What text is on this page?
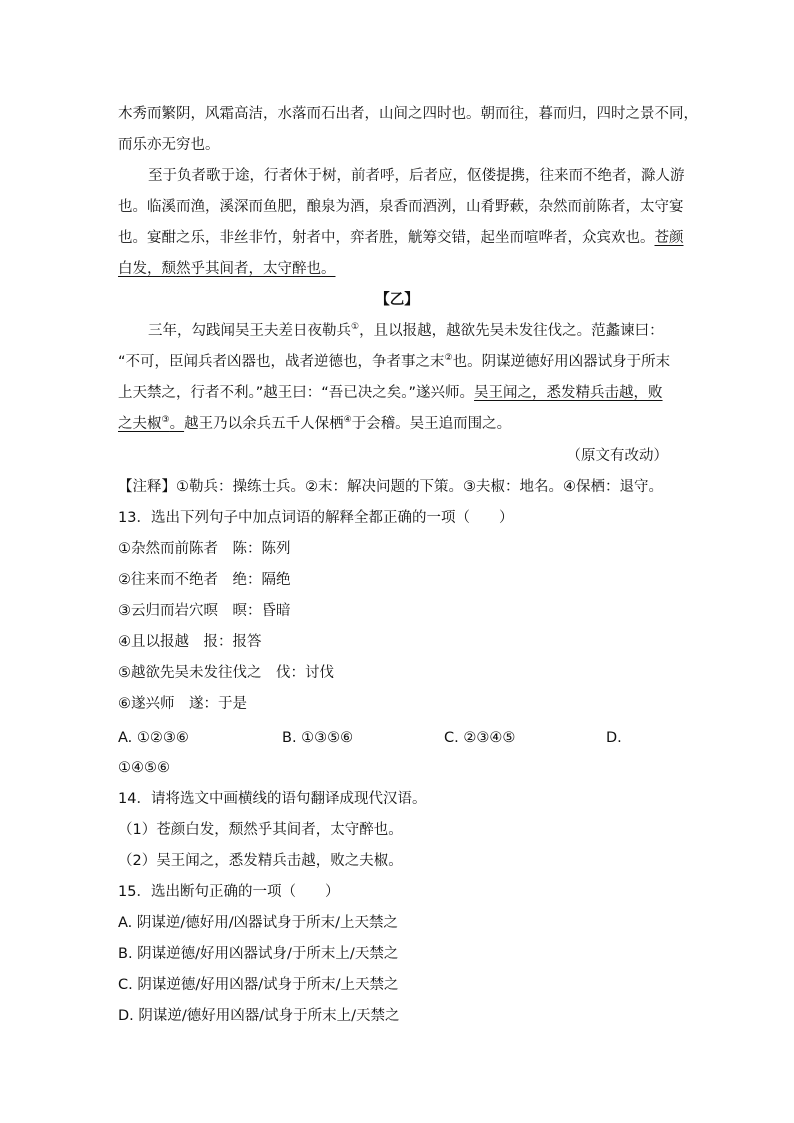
木秀而繁阴，风霜高洁，水落而石出者，山间之四时也。朝而往，暮而归，四时之景不同，
而乐亦无穷也。
至于负者歌于途，行者休于树，前者呼，后者应，伛偻提携，往来而不绝者，滁人游
也。临溪而渔，溪深而鱼肥，酿泉为酒，泉香而酒洌，山肴野蔌，杂然而前陈者，太守宴
也。宴酣之乐，非丝非竹，射者中，弈者胜，觥筹交错，起坐而喧哗者，众宾欢也。苍颜
白发，颓然乎其间者，太守醉也。
【乙】
三年，勾践闻吴王夫差日夜勒兵①，且以报越，越欲先吴未发往伐之。范蠡谏曰：
“不可，臣闻兵者凶器也，战者逆德也，争者事之末②也。阴谋逆德好用凶器试身于所末
上天禁之，行者不利。”越王曰：“吾已决之矣。”遂兴师。吴王闻之，悉发精兵击越，败
之夫椒③。越王乃以余兵五千人保栖④于会稽。吴王追而围之。
（原文有改动）
【注释】①勒兵：操练士兵。②末：解决问题的下策。③夫椒：地名。④保栖：退守。
13．选出下列句子中加点词语的解释全都正确的一项（　　）
①杂然而前陈者　陈：陈列
②往来而不绝者　绝：隔绝
③云归而岩穴暝　暝：昏暗
④且以报越　报：报答
⑤越欲先吴未发往伐之　伐：讨伐
⑥遂兴师　遂：于是
A. ①②③⑥	B. ①③⑤⑥	C. ②③④⑤	D.
①④⑤⑥
14．请将选文中画横线的语句翻译成现代汉语。
（1）苍颜白发，颓然乎其间者，太守醉也。
（2）吴王闻之，悉发精兵击越，败之夫椒。
15．选出断句正确的一项（　　）
A. 阴谋逆/德好用/凶器试身于所末/上天禁之
B. 阴谋逆德/好用凶器试身/于所末上/天禁之
C. 阴谋逆德/好用凶器/试身于所末/上天禁之
D. 阴谋逆/德好用凶器/试身于所末上/天禁之
